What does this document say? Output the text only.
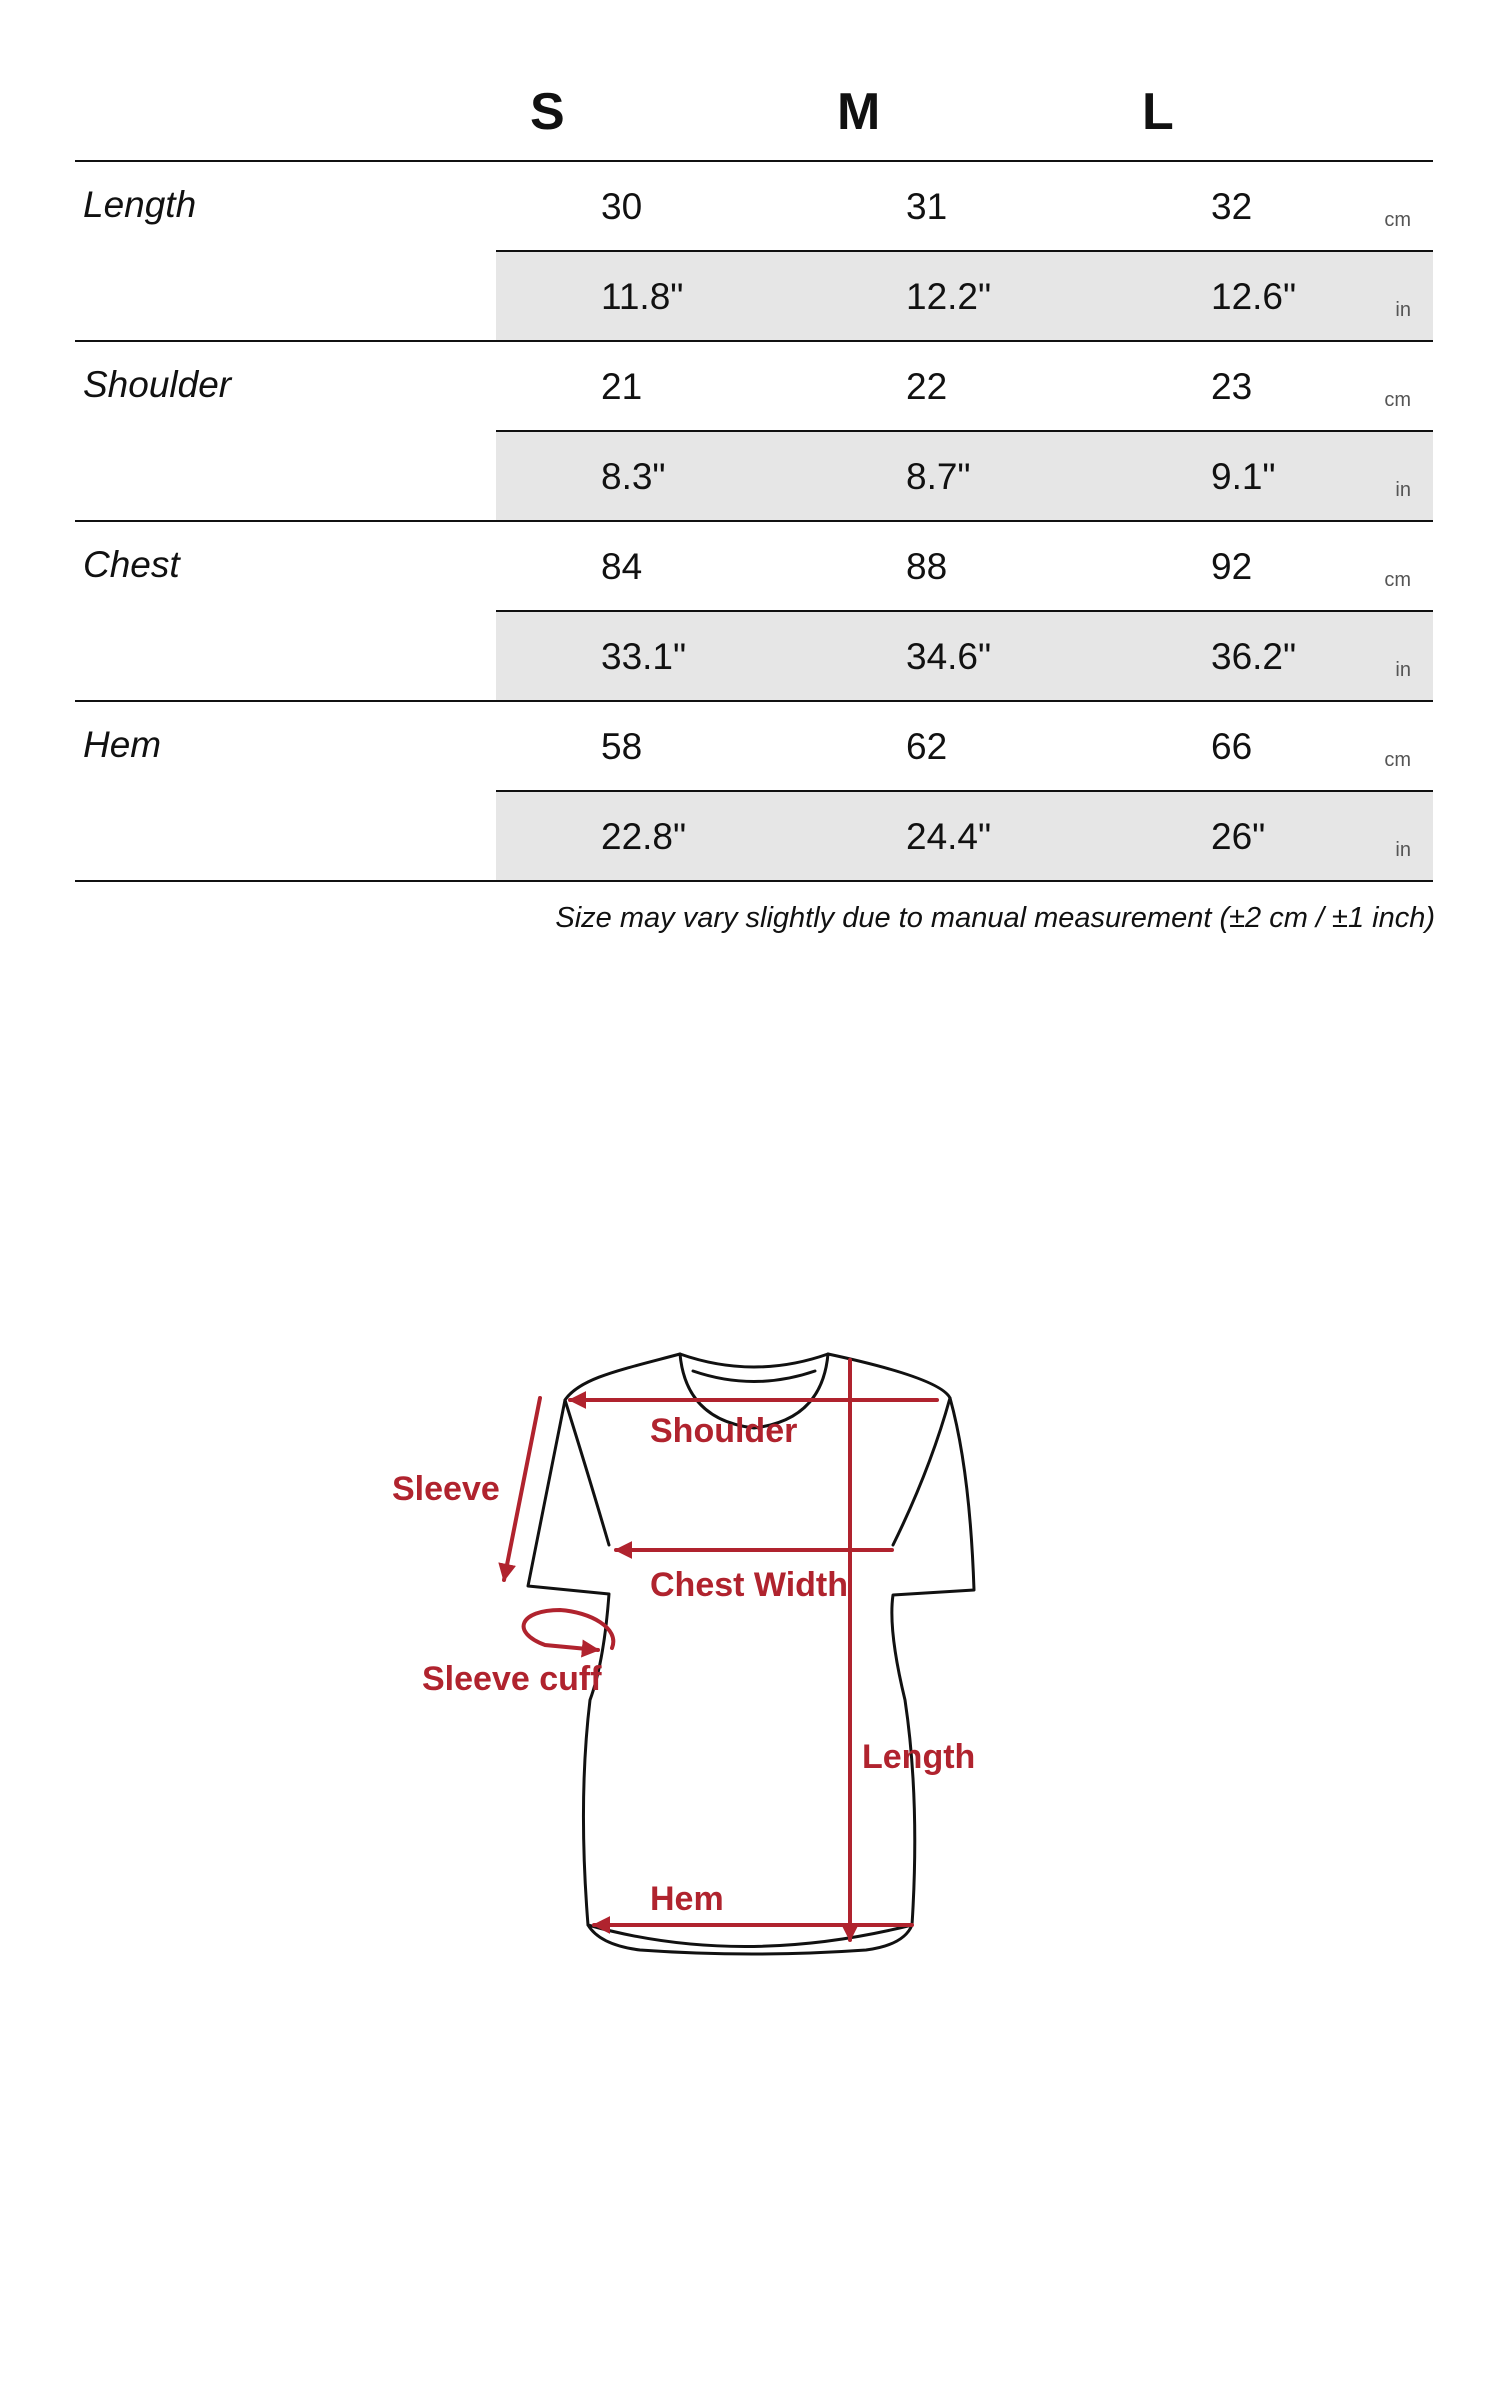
S	M	L
Length	30	31	32	cm
11.8"	12.2"	12.6"	in
Shoulder	21	22	23	cm
8.3"	8.7"	9.1"	in
Chest	84	88	92	cm
33.1"	34.6"	36.2"	in
Hem	58	62	66	cm
22.8"	24.4"	26"	in
Size may vary slightly due to manual measurement (±2 cm / ±1 inch)
Shoulder
Sleeve
Chest Width
Sleeve cuff
Length
Hem
